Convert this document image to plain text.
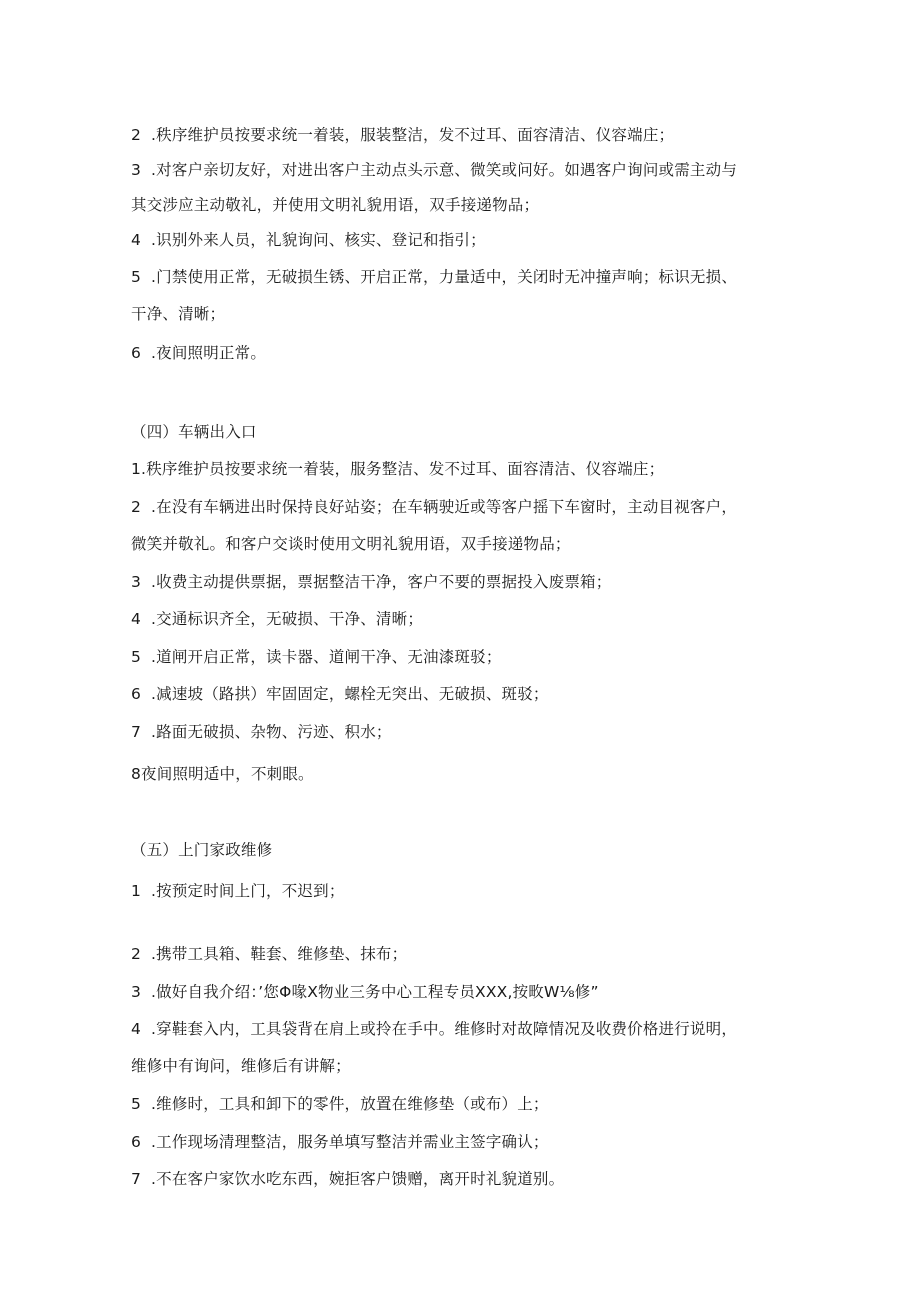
2 .秩序维护员按要求统一着装，服装整洁，发不过耳、面容清洁、仪容端庄；
3 .对客户亲切友好，对进出客户主动点头示意、微笑或问好。如遇客户询问或需主动与
其交涉应主动敬礼，并使用文明礼貌用语，双手接递物品；
4 .识别外来人员，礼貌询问、核实、登记和指引；
5 .门禁使用正常，无破损生锈、开启正常，力量适中，关闭时无冲撞声响；标识无损、
干净、清晰；
6 .夜间照明正常。
（四）车辆出入口
1.秩序维护员按要求统一着装，服务整洁、发不过耳、面容清洁、仪容端庄；
2 .在没有车辆进出时保持良好站姿；在车辆驶近或等客户摇下车窗时，主动目视客户，
微笑并敬礼。和客户交谈时使用文明礼貌用语，双手接递物品；
3 .收费主动提供票据，票据整洁干净，客户不要的票据投入废票箱；
4 .交通标识齐全，无破损、干净、清晰；
5 .道闸开启正常，读卡器、道闸干净、无油漆斑驳；
6 .减速坡（路拱）牢固固定，螺栓无突出、无破损、斑驳；
7 .路面无破损、杂物、污迹、积水；
8夜间照明适中，不刺眼。
（五）上门家政维修
1 .按预定时间上门，不迟到；
2 .携带工具箱、鞋套、维修垫、抹布；
3 .做好自我介绍：’您Φ喙X物业三务中心工程专员XXX,按畋W⅛修”
4 .穿鞋套入内，工具袋背在肩上或拎在手中。维修时对故障情况及收费价格进行说明，
维修中有询问，维修后有讲解；
5 .维修时，工具和卸下的零件，放置在维修垫（或布）上；
6 .工作现场清理整洁，服务单填写整洁并需业主签字确认；
7 .不在客户家饮水吃东西，婉拒客户馈赠，离开时礼貌道别。
